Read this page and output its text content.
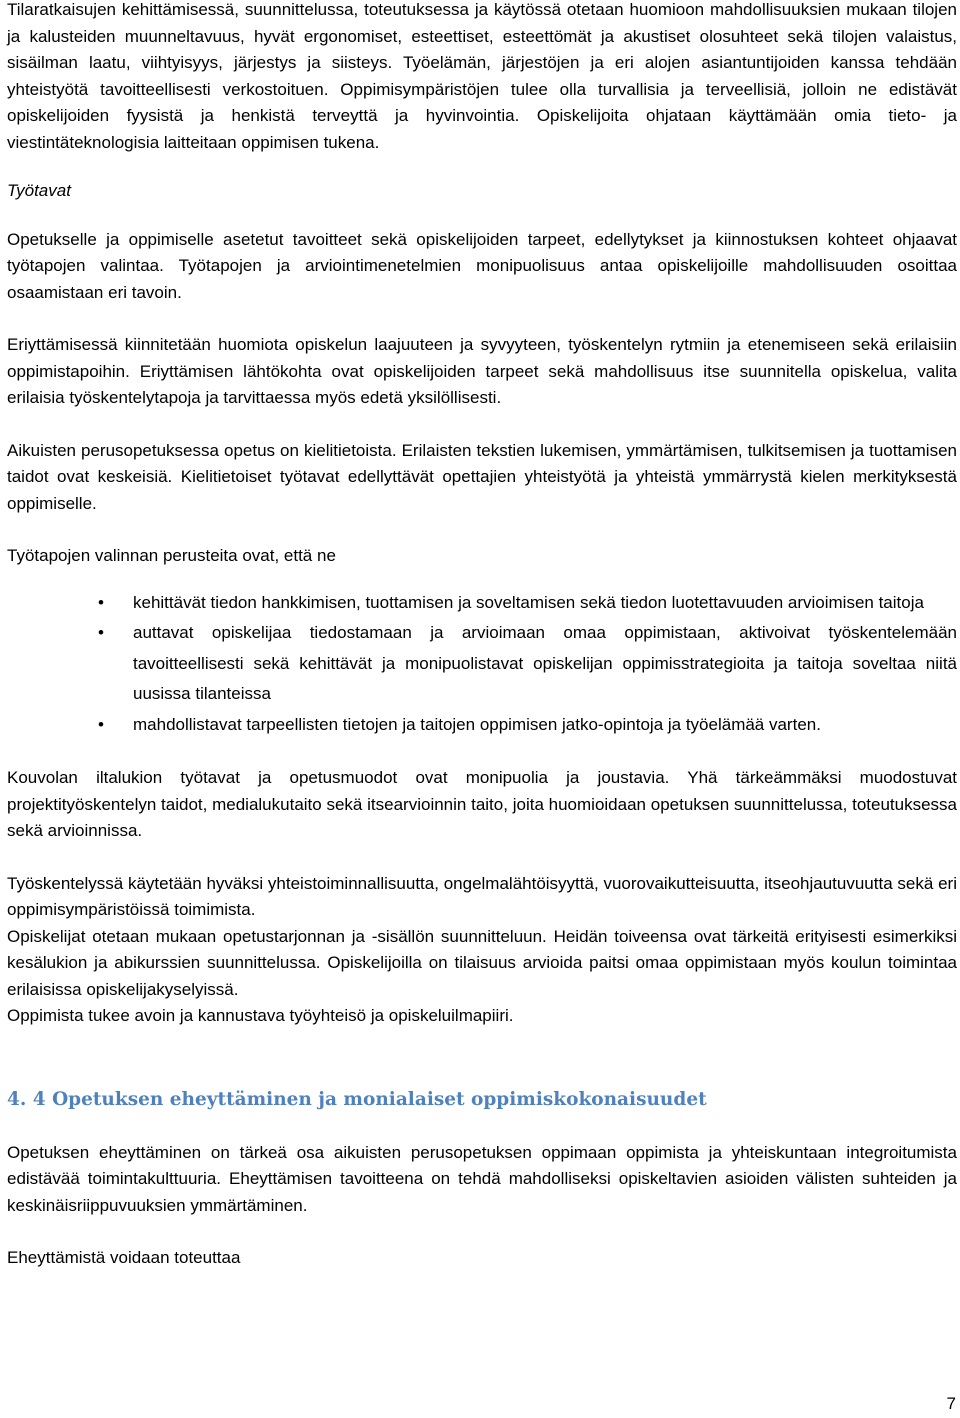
Tilaratkaisujen kehittämisessä, suunnittelussa, toteutuksessa ja käytössä otetaan huomioon mahdollisuuksien mukaan tilojen ja kalusteiden muunneltavuus, hyvät ergonomiset, esteettiset, esteettömät ja akustiset olosuhteet sekä tilojen valaistus, sisäilman laatu, viihtyisyys, järjestys ja siisteys. Työelämän, järjestöjen ja eri alojen asiantuntijoiden kanssa tehdään yhteistyötä tavoitteellisesti verkostoituen. Oppimisympäristöjen tulee olla turvallisia ja terveellisiä, jolloin ne edistävät opiskelijoiden fyysistä ja henkistä terveyttä ja hyvinvointia. Opiskelijoita ohjataan käyttämään omia tieto- ja viestintäteknologisia laitteitaan oppimisen tukena.

Työtavat

Opetukselle ja oppimiselle asetetut tavoitteet sekä opiskelijoiden tarpeet, edellytykset ja kiinnostuksen kohteet ohjaavat työtapojen valintaa. Työtapojen ja arviointimenetelmien monipuolisuus antaa opiskelijoille mahdollisuuden osoittaa osaamistaan eri tavoin.

Eriyttämisessä kiinnitetään huomiota opiskelun laajuuteen ja syvyyteen, työskentelyn rytmiin ja etenemiseen sekä erilaisiin oppimistapoihin. Eriyttämisen lähtökohta ovat opiskelijoiden tarpeet sekä mahdollisuus itse suunnitella opiskelua, valita erilaisia työskentelytapoja ja tarvittaessa myös edetä yksilöllisesti.

Aikuisten perusopetuksessa opetus on kielitietoista. Erilaisten tekstien lukemisen, ymmärtämisen, tulkitsemisen ja tuottamisen taidot ovat keskeisiä. Kielitietoiset työtavat edellyttävät opettajien yhteistyötä ja yhteistä ymmärrystä kielen merkityksestä oppimiselle.

Työtapojen valinnan perusteita ovat, että ne

• kehittävät tiedon hankkimisen, tuottamisen ja soveltamisen sekä tiedon luotettavuuden arvioimisen taitoja
• auttavat opiskelijaa tiedostamaan ja arvioimaan omaa oppimistaan, aktivoivat työskentelemään tavoitteellisesti sekä kehittävät ja monipuolistavat opiskelijan oppimisstrategioita ja taitoja soveltaa niitä uusissa tilanteissa
• mahdollistavat tarpeellisten tietojen ja taitojen oppimisen jatko-opintoja ja työelämää varten.

Kouvolan iltalukion työtavat ja opetusmuodot ovat monipuolia ja joustavia. Yhä tärkeämmäksi muodostuvat projektityöskentelyn taidot, medialukutaito sekä itsearvioinnin taito, joita huomioidaan opetuksen suunnittelussa, toteutuksessa sekä arvioinnissa.

Työskentelyssä käytetään hyväksi yhteistoiminnallisuutta, ongelmalähtöisyyttä, vuorovaikutteisuutta, itseohjautuvuutta sekä eri oppimisympäristöissä toimimista.

Opiskelijat otetaan mukaan opetustarjonnan ja -sisällön suunnitteluun. Heidän toiveensa ovat tärkeitä erityisesti esimerkiksi kesälukion ja abikurssien suunnittelussa. Opiskelijoilla on tilaisuus arvioida paitsi omaa oppimistaan myös koulun toimintaa erilaisissa opiskelijakyselyissä.

Oppimista tukee avoin ja kannustava työyhteisö ja opiskeluilmapiiri.

4. 4 Opetuksen eheyttäminen ja monialaiset oppimiskokonaisuudet

Opetuksen eheyttäminen on tärkeä osa aikuisten perusopetuksen oppimaan oppimista ja yhteiskuntaan integroitumista edistävää toimintakulttuuria. Eheyttämisen tavoitteena on tehdä mahdolliseksi opiskeltavien asioiden välisten suhteiden ja keskinäisriippuvuuksien ymmärtäminen.

Eheyttämistä voidaan toteuttaa

7
